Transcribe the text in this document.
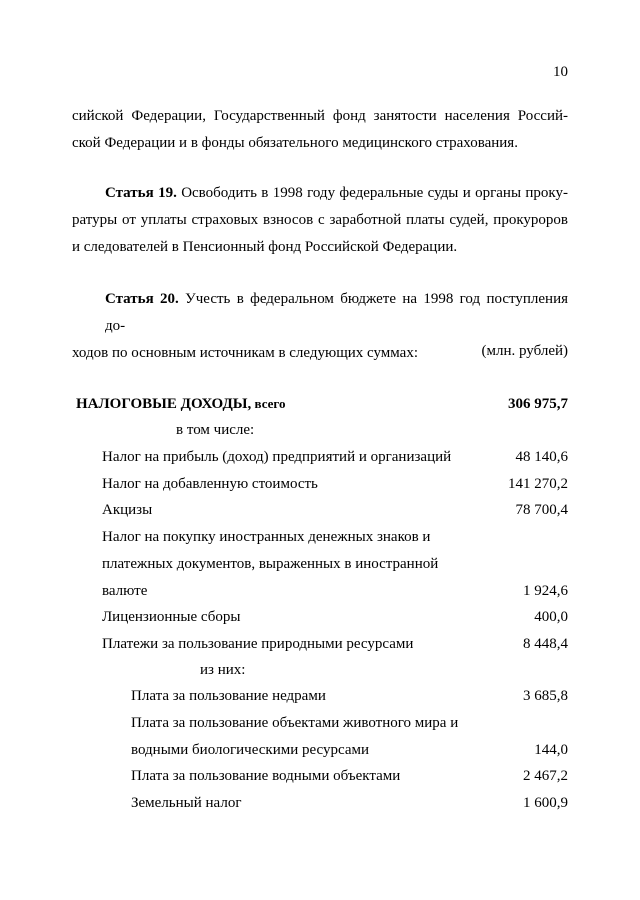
10
сийской Федерации, Государственный фонд занятости населения Россий-
ской Федерации и в фонды обязательного медицинского страхования.
Статья 19. Освободить в 1998 году федеральные суды и органы проку-
ратуры от уплаты страховых взносов с заработной платы судей, прокуроров
и следователей в Пенсионный фонд Российской Федерации.
Статья 20. Учесть в федеральном бюджете на 1998 год поступления до-
ходов по основным источникам в следующих суммах:	(млн. рублей)
НАЛОГОВЫЕ ДОХОДЫ, всего	306 975,7
в том числе:
Налог на прибыль (доход) предприятий и организаций	48 140,6
Налог на добавленную стоимость	141 270,2
Акцизы	78 700,4
Налог на покупку иностранных денежных знаков и
платежных документов, выраженных в иностранной
валюте	1 924,6
Лицензионные сборы	400,0
Платежи за пользование природными ресурсами	8 448,4
из них:
Плата за пользование недрами	3 685,8
Плата за пользование объектами животного мира и
водными биологическими ресурсами	144,0
Плата за пользование водными объектами	2 467,2
Земельный налог	1 600,9
